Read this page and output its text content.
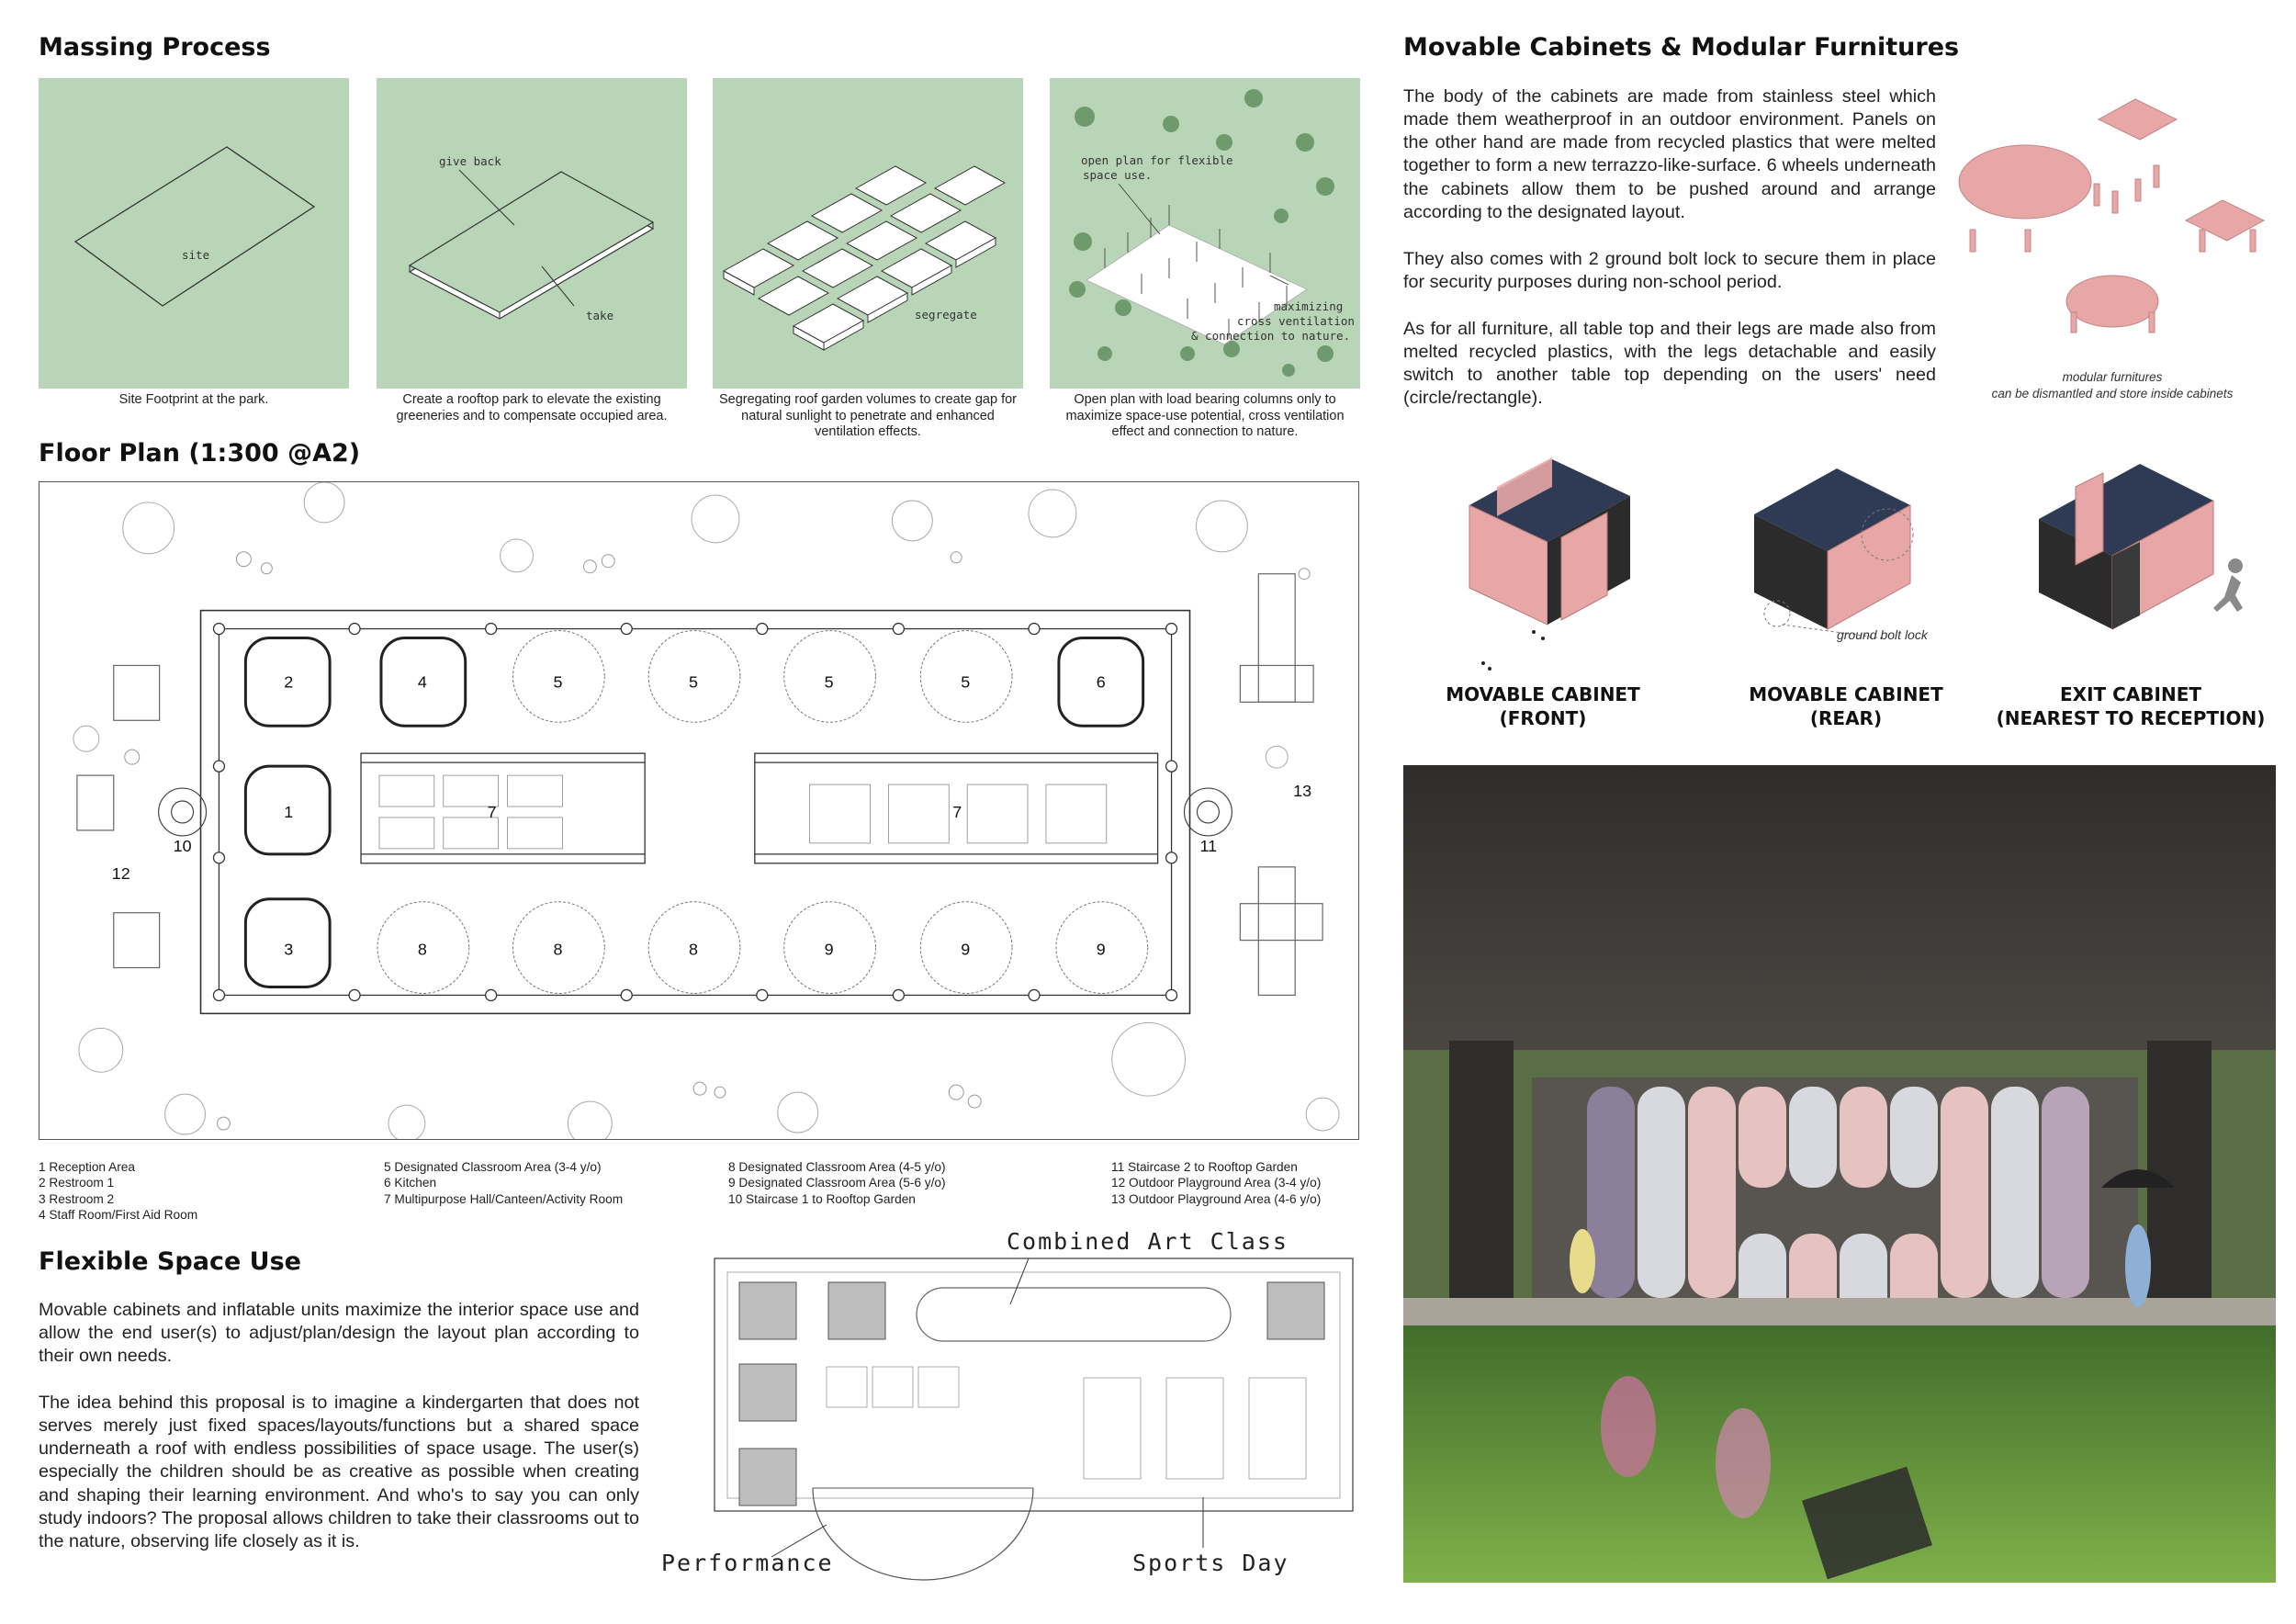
Massing Process
site
Site Footprint at the park.
give back
take
Create a rooftop park to elevate the existing greeneries and to compensate occupied area.
segregate
Segregating roof garden volumes to create gap for natural sunlight to penetrate and enhanced ventilation effects.
open plan for flexible
space use.
maximizing
cross ventilation
& connection to nature.
Open plan with load bearing columns only to maximize space-use potential, cross ventilation effect and connection to nature.
Floor Plan (1:300 @A2)
2	4	5	5	5	5	6
1	7	7
3	8	8	8	9	9	9
10	11
12
13
1 Reception Area
2 Restroom 1
3 Restroom 2
4 Staff Room/First Aid Room
5 Designated Classroom Area (3-4 y/o)
6 Kitchen
7 Multipurpose Hall/Canteen/Activity Room
8 Designated Classroom Area (4-5 y/o)
9 Designated Classroom Area (5-6 y/o)
10 Staircase 1 to Rooftop Garden
11 Staircase 2 to Rooftop Garden
12 Outdoor Playground Area (3-4 y/o)
13 Outdoor Playground Area (4-6 y/o)
Flexible Space Use
Movable cabinets and inflatable units maximize the interior space use and allow the end user(s) to adjust/plan/design the layout plan according to their own needs.
The idea behind this proposal is to imagine a kindergarten that does not serves merely just fixed spaces/layouts/functions but a shared space underneath a roof with endless possibilities of space usage. The user(s) especially the children should be as creative as possible when creating and shaping their learning environment. And who's to say you can only study indoors? The proposal allows children to take their classrooms out to the nature, observing life closely as it is.
Combined Art Class
Performance	Sports Day
Movable Cabinets & Modular Furnitures
The body of the cabinets are made from stainless steel which made them weatherproof in an outdoor environment. Panels on the other hand are made from recycled plastics that were melted together to form a new terrazzo-like-surface. 6 wheels underneath the cabinets allow them to be pushed around and arrange according to the designated layout.
They also comes with 2 ground bolt lock to secure them in place for security purposes during non-school period.
As for all furniture, all table top and their legs are made also from melted recycled plastics, with the legs detachable and easily switch to another table top depending on the users' need (circle/rectangle).
modular furnitures
can be dismantled and store inside cabinets
MOVABLE CABINET
(FRONT)
ground bolt lock
MOVABLE CABINET
(REAR)
EXIT CABINET
(NEAREST TO RECEPTION)
